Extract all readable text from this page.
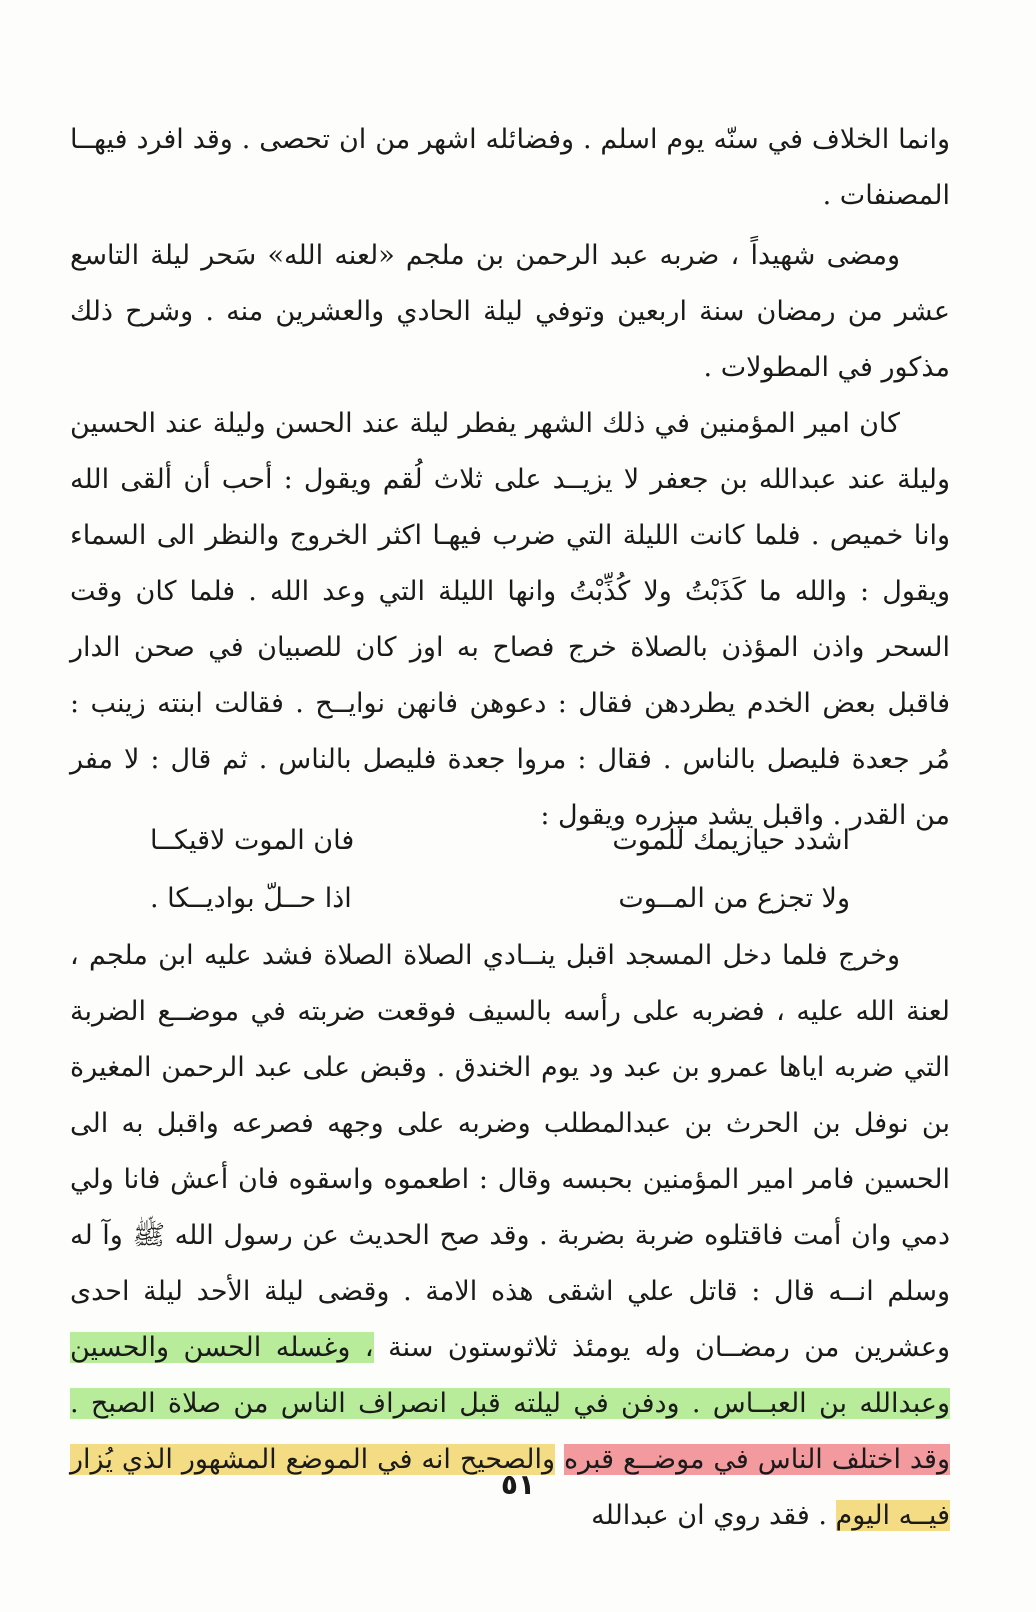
وانما الخلاف في سنّه يوم اسلم . وفضائله اشهر من ان تحصى . وقد افرد فيهــا المصنفات .

ومضى شهيداً ، ضربه عبد الرحمن بن ملجم «لعنه الله» سَحر ليلة التاسع عشر من رمضان سنة اربعين وتوفي ليلة الحادي والعشرين منه . وشرح ذلك مذكور في المطولات .

كان امير المؤمنين في ذلك الشهر يفطر ليلة عند الحسن وليلة عند الحسين وليلة عند عبدالله بن جعفر لا يزيــد على ثلاث لُقم ويقول : أحب أن ألقى الله وانا خميص . فلما كانت الليلة التي ضرب فيهـا اكثر الخروج والنظر الى السماء ويقول : والله ما كَذَبْتُ ولا كُذِّبْتُ وانها الليلة التي وعد الله . فلما كان وقت السحر واذن المؤذن بالصلاة خرج فصاح به اوز كان للصبيان في صحن الدار فاقبل بعض الخدم يطردهن فقال : دعوهن فانهن نوايــح . فقالت ابنته زينب : مُر جعدة فليصل بالناس . فقال : مروا جعدة فليصل بالناس . ثم قال : لا مفر من القدر . واقبل يشد ميزره ويقول :

اشدد حيازيمك للموت
فان الموت لاقيكــا
ولا تجزع من المــوت
اذا حــلّ بواديــكا .

وخرج فلما دخل المسجد اقبل ينــادي الصلاة الصلاة فشد عليه ابن ملجم ، لعنة الله عليه ، فضربه على رأسه بالسيف فوقعت ضربته في موضــع الضربة التي ضربه اياها عمرو بن عبد ود يوم الخندق . وقبض على عبد الرحمن المغيرة بن نوفل بن الحرث بن عبدالمطلب وضربه على وجهه فصرعه واقبل به الى الحسين فامر امير المؤمنين بحبسه وقال : اطعموه واسقوه فان أعش فانا ولي دمي وان أمت فاقتلوه ضربة بضربة . وقد صح الحديث عن رسول الله ﷺ وآ له وسلم انــه قال : قاتل علي اشقى هذه الامة . وقضى ليلة الأحد ليلة احدى وعشرين من رمضــان وله يومئذ ثلاثوستون سنة ، وغسله الحسن والحسين وعبدالله بن العبــاس . ودفن في ليلته قبل انصراف الناس من صلاة الصبح . وقد اختلف الناس في موضــع قبره والصحيح انه في الموضع المشهور الذي يُزار فيــه اليوم . فقد روي ان عبدالله

٥١
